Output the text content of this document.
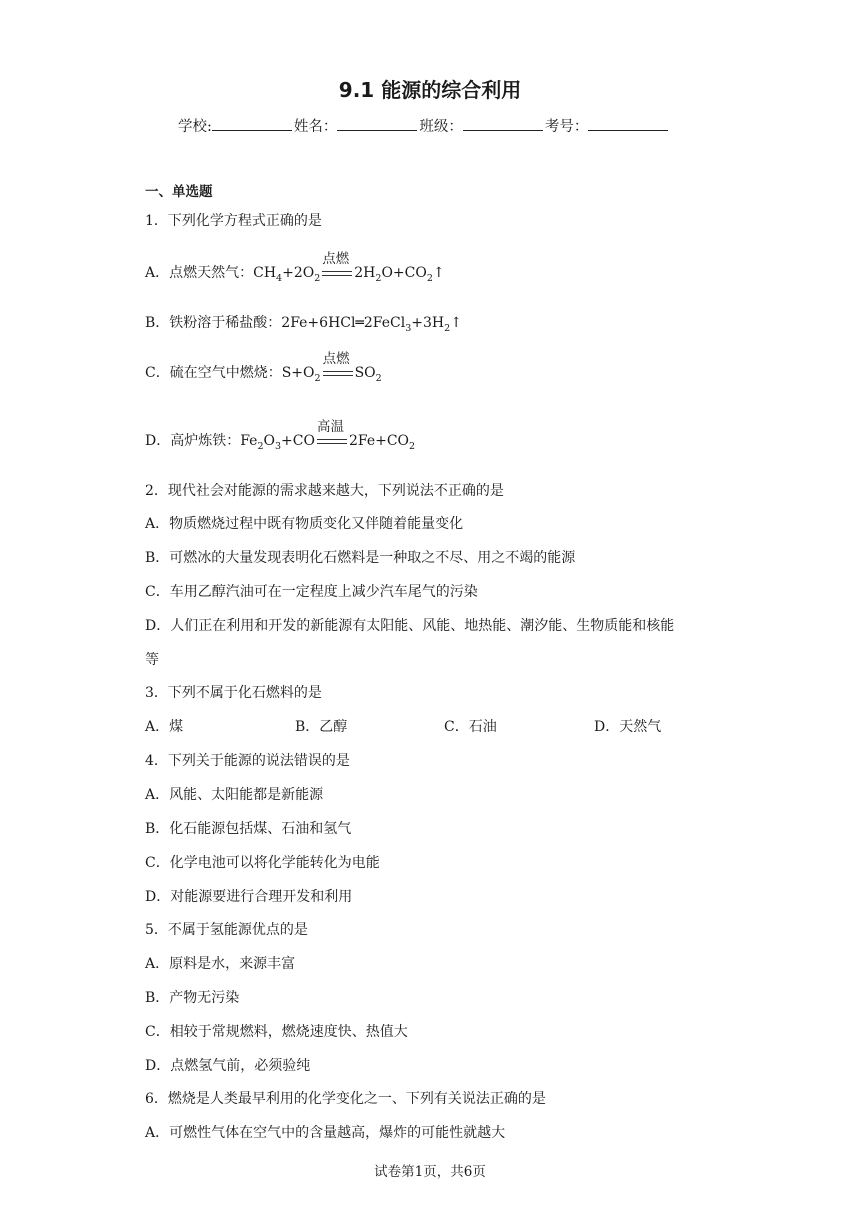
9.1 能源的综合利用
学校:	姓名：	班级：	考号：
一、单选题
1．下列化学方程式正确的是
A．点燃天然气：$CH_4+2O_2$
点燃
$2H_2O+CO_2↑$
B．铁粉溶于稀盐酸：$2Fe+6HCl═2FeCl_3+3H_2↑$
C．硫在空气中燃烧：$S+O_2$
点燃
$SO_2$
D．高炉炼铁：$Fe_2O_3+CO$
高温
$2Fe+CO_2$
2．现代社会对能源的需求越来越大，下列说法不正确的是
A．物质燃烧过程中既有物质变化又伴随着能量变化
B．可燃冰的大量发现表明化石燃料是一种取之不尽、用之不竭的能源
C．车用乙醇汽油可在一定程度上减少汽车尾气的污染
D．人们正在利用和开发的新能源有太阳能、风能、地热能、潮汐能、生物质能和核能
等
3．下列不属于化石燃料的是
A．煤	B．乙醇	C．石油	D．天然气
4．下列关于能源的说法错误的是
A．风能、太阳能都是新能源
B．化石能源包括煤、石油和氢气
C．化学电池可以将化学能转化为电能
D．对能源要进行合理开发和利用
5．不属于氢能源优点的是
A．原料是水，来源丰富
B．产物无污染
C．相较于常规燃料，燃烧速度快、热值大
D．点燃氢气前，必须验纯
6．燃烧是人类最早利用的化学变化之一、下列有关说法正确的是
A．可燃性气体在空气中的含量越高，爆炸的可能性就越大
试卷第1页，共6页
